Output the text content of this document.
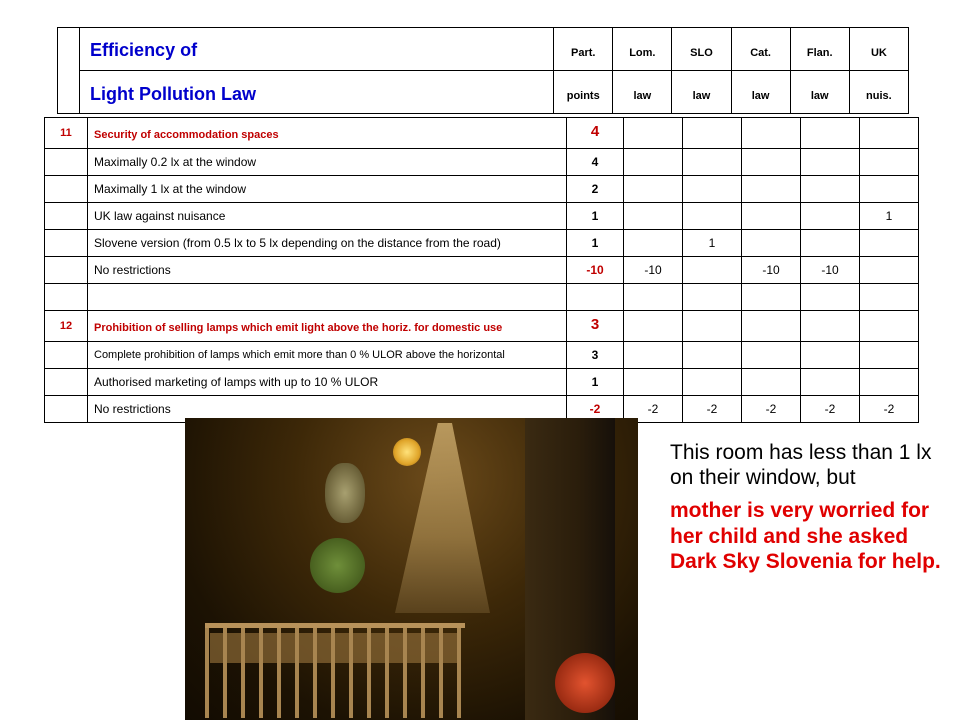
	Efficiency of	Part.	Lom.	SLO	Cat.	Flan.	UK
	Light Pollution Law	points	law	law	law	law	nuis.
11	Security of accommodation spaces	4					
	Maximally 0.2 lx at the window	4					
	Maximally 1 lx at the window	2					
	UK law against nuisance	1					1
	Slovene version (from 0.5 lx to 5 lx depending on the distance from the road)	1		1			
	No restrictions	-10	-10		-10	-10	

12	Prohibition of selling lamps which emit light above the horiz. for domestic use	3					
	Complete prohibition of lamps which emit more than 0 % ULOR above the horizontal	3					
	Authorised marketing of lamps with up to 10 % ULOR	1					
	No restrictions	-2	-2	-2	-2	-2	-2

This room has less than 1 lx on their window, but

mother is very worried for her child and she asked Dark Sky Slovenia for help.
